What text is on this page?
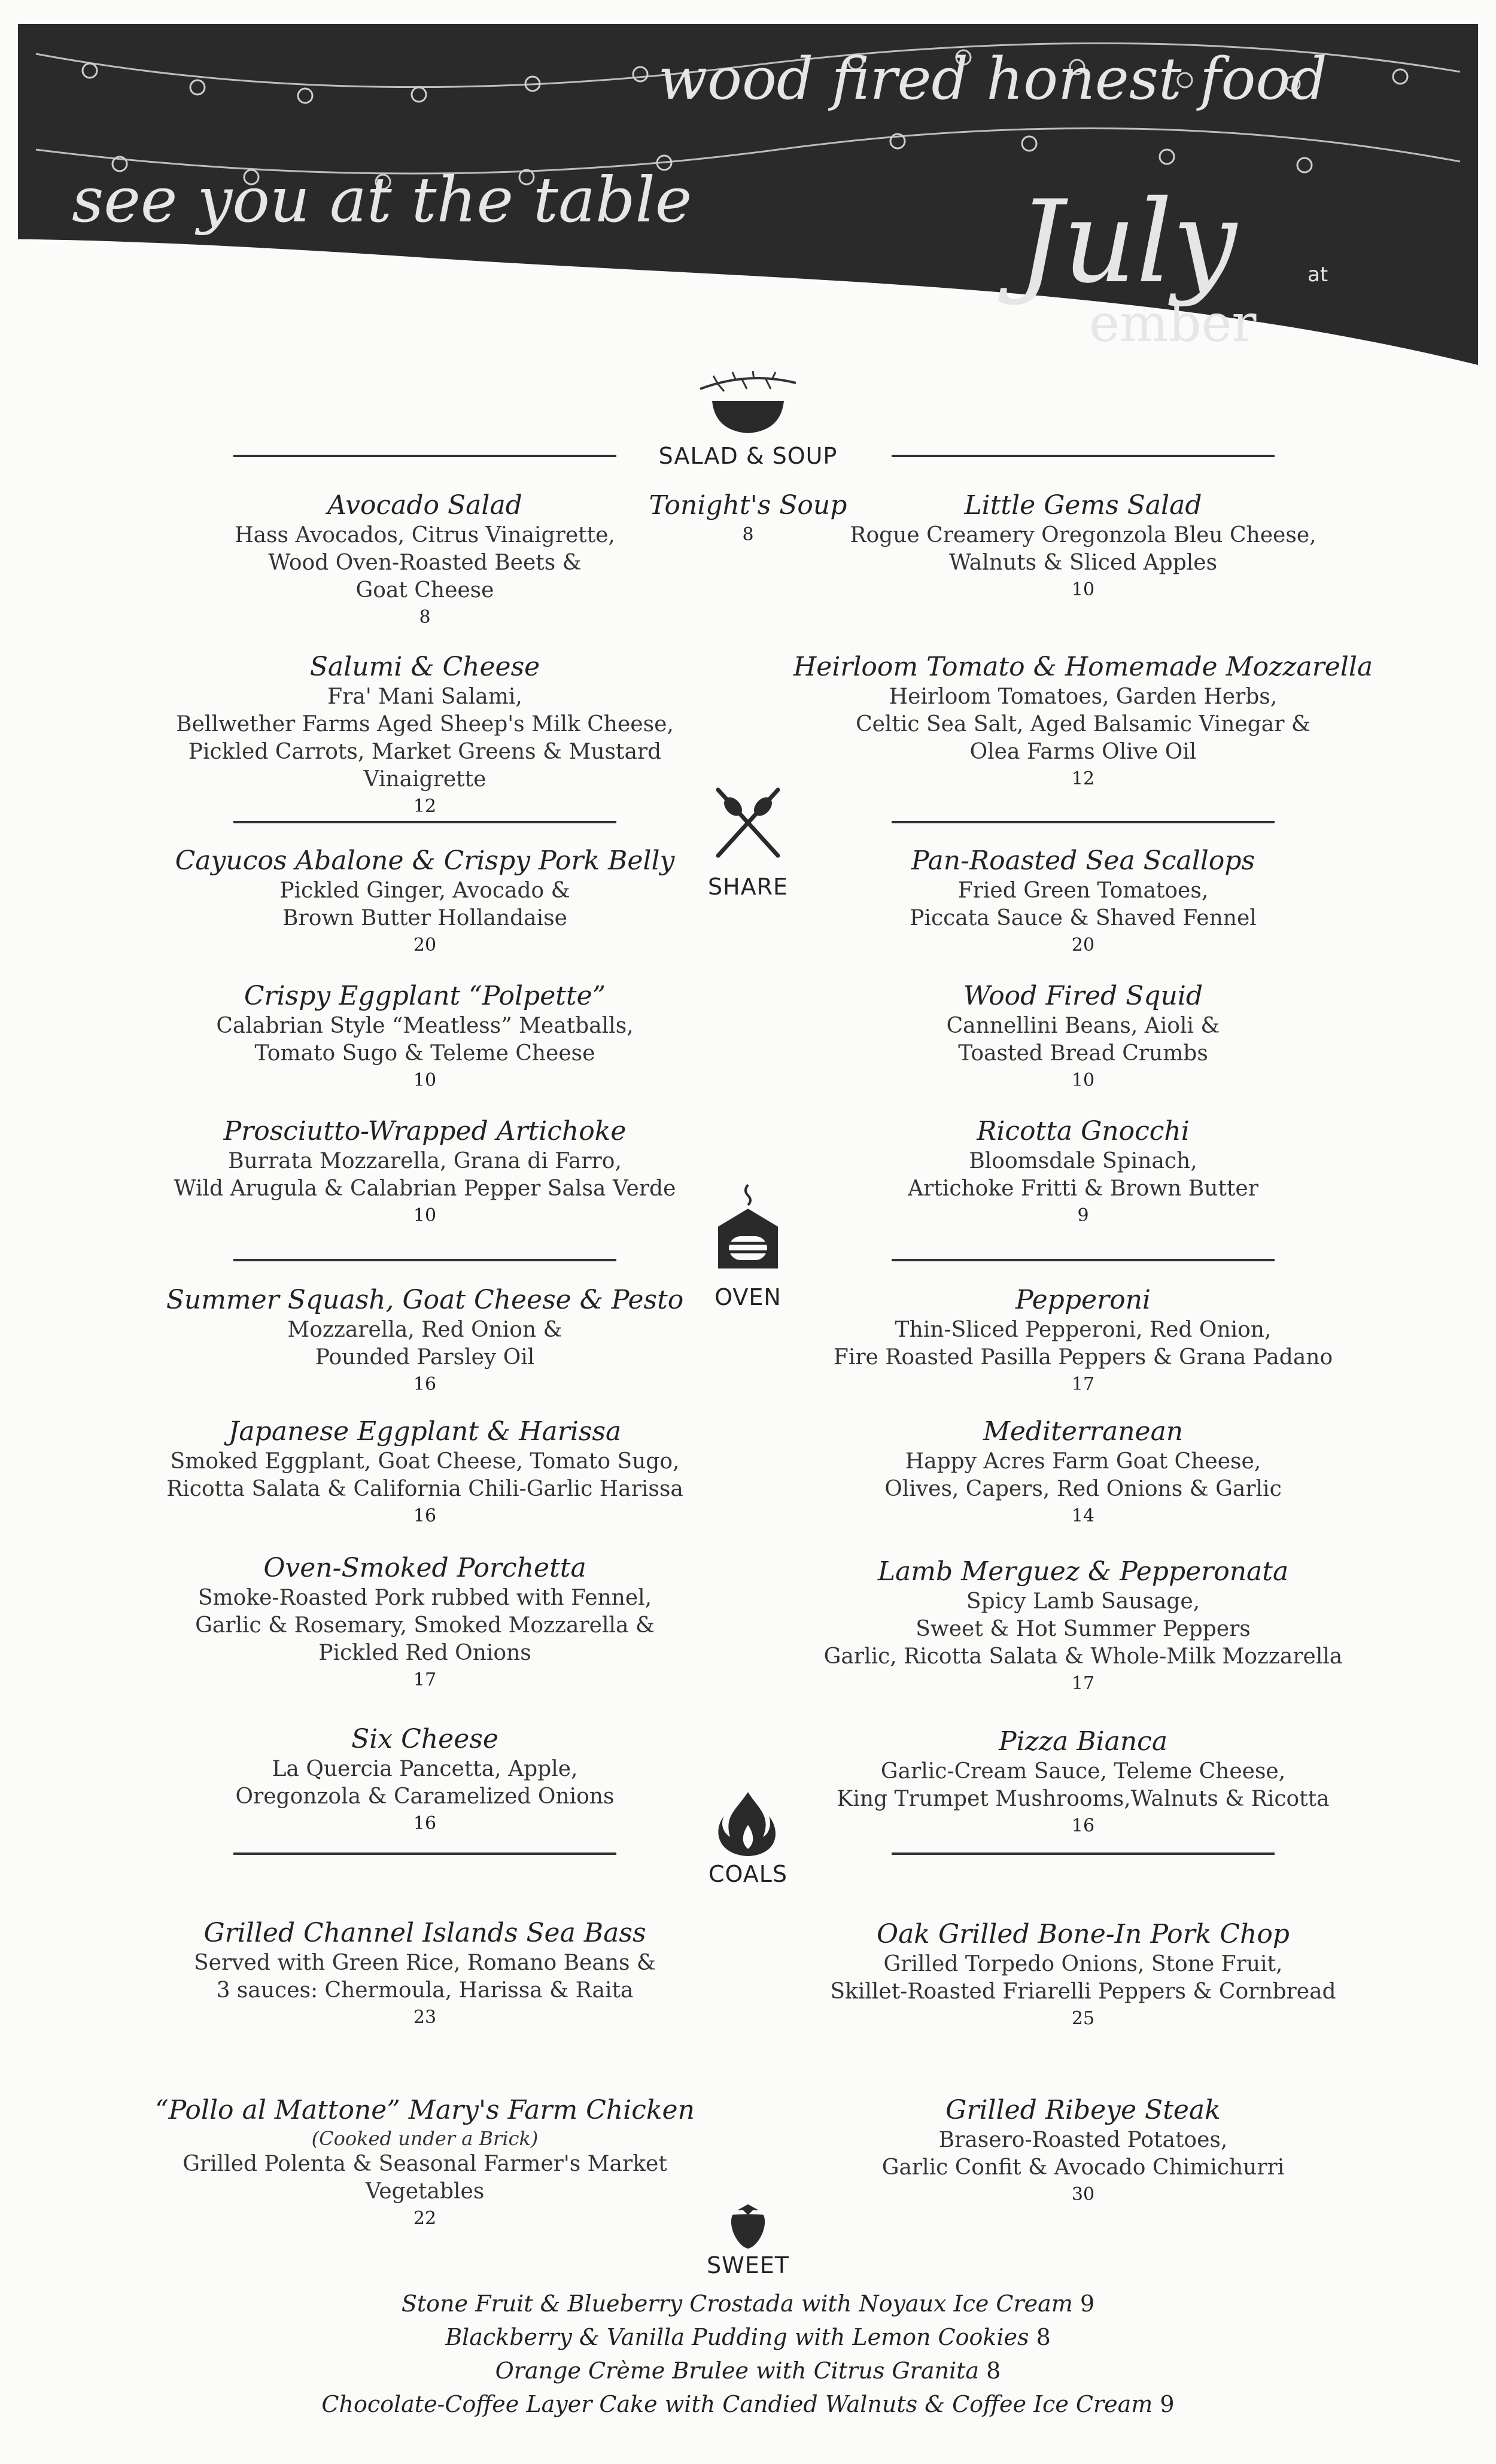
wood fired honest food
see you at the table	July	at
ember
SALAD & SOUP
Avocado Salad
Hass Avocados, Citrus Vinaigrette,
Wood Oven-Roasted Beets &
Goat Cheese
8
Tonight's Soup
8
Little Gems Salad
Rogue Creamery Oregonzola Bleu Cheese,
Walnuts & Sliced Apples
10
Salumi & Cheese
Fra' Mani Salami,
Bellwether Farms Aged Sheep's Milk Cheese,
Pickled Carrots, Market Greens & Mustard Vinaigrette
12
Heirloom Tomato & Homemade Mozzarella
Heirloom Tomatoes, Garden Herbs,
Celtic Sea Salt, Aged Balsamic Vinegar &
Olea Farms Olive Oil
12
SHARE
Cayucos Abalone & Crispy Pork Belly
Pickled Ginger, Avocado &
Brown Butter Hollandaise
20
Pan-Roasted Sea Scallops
Fried Green Tomatoes,
Piccata Sauce & Shaved Fennel
20
Crispy Eggplant “Polpette”
Calabrian Style “Meatless” Meatballs,
Tomato Sugo & Teleme Cheese
10
Wood Fired Squid
Cannellini Beans, Aioli &
Toasted Bread Crumbs
10
Prosciutto-Wrapped Artichoke
Burrata Mozzarella, Grana di Farro,
Wild Arugula & Calabrian Pepper Salsa Verde
10
Ricotta Gnocchi
Bloomsdale Spinach,
Artichoke Fritti & Brown Butter
9
OVEN
Summer Squash, Goat Cheese & Pesto
Mozzarella, Red Onion &
Pounded Parsley Oil
16
Pepperoni
Thin-Sliced Pepperoni, Red Onion,
Fire Roasted Pasilla Peppers & Grana Padano
17
Japanese Eggplant & Harissa
Smoked Eggplant, Goat Cheese, Tomato Sugo,
Ricotta Salata & California Chili-Garlic Harissa
16
Mediterranean
Happy Acres Farm Goat Cheese,
Olives, Capers, Red Onions & Garlic
14
Oven-Smoked Porchetta
Smoke-Roasted Pork rubbed with Fennel,
Garlic & Rosemary, Smoked Mozzarella &
Pickled Red Onions
17
Lamb Merguez & Pepperonata
Spicy Lamb Sausage,
Sweet & Hot Summer Peppers
Garlic, Ricotta Salata & Whole-Milk Mozzarella
17
Six Cheese
La Quercia Pancetta, Apple,
Oregonzola & Caramelized Onions
16
Pizza Bianca
Garlic-Cream Sauce, Teleme Cheese,
King Trumpet Mushrooms,Walnuts & Ricotta
16
COALS
Grilled Channel Islands Sea Bass
Served with Green Rice, Romano Beans &
3 sauces: Chermoula, Harissa & Raita
23
Oak Grilled Bone-In Pork Chop
Grilled Torpedo Onions, Stone Fruit,
Skillet-Roasted Friarelli Peppers & Cornbread
25
“Pollo al Mattone” Mary's Farm Chicken
(Cooked under a Brick)
Grilled Polenta & Seasonal Farmer's Market Vegetables
22
Grilled Ribeye Steak
Brasero-Roasted Potatoes,
Garlic Confit & Avocado Chimichurri
30
SWEET
Stone Fruit & Blueberry Crostada with Noyaux Ice Cream 9
Blackberry & Vanilla Pudding with Lemon Cookies 8
Orange Crème Brulee with Citrus Granita 8
Chocolate-Coffee Layer Cake with Candied Walnuts & Coffee Ice Cream 9
